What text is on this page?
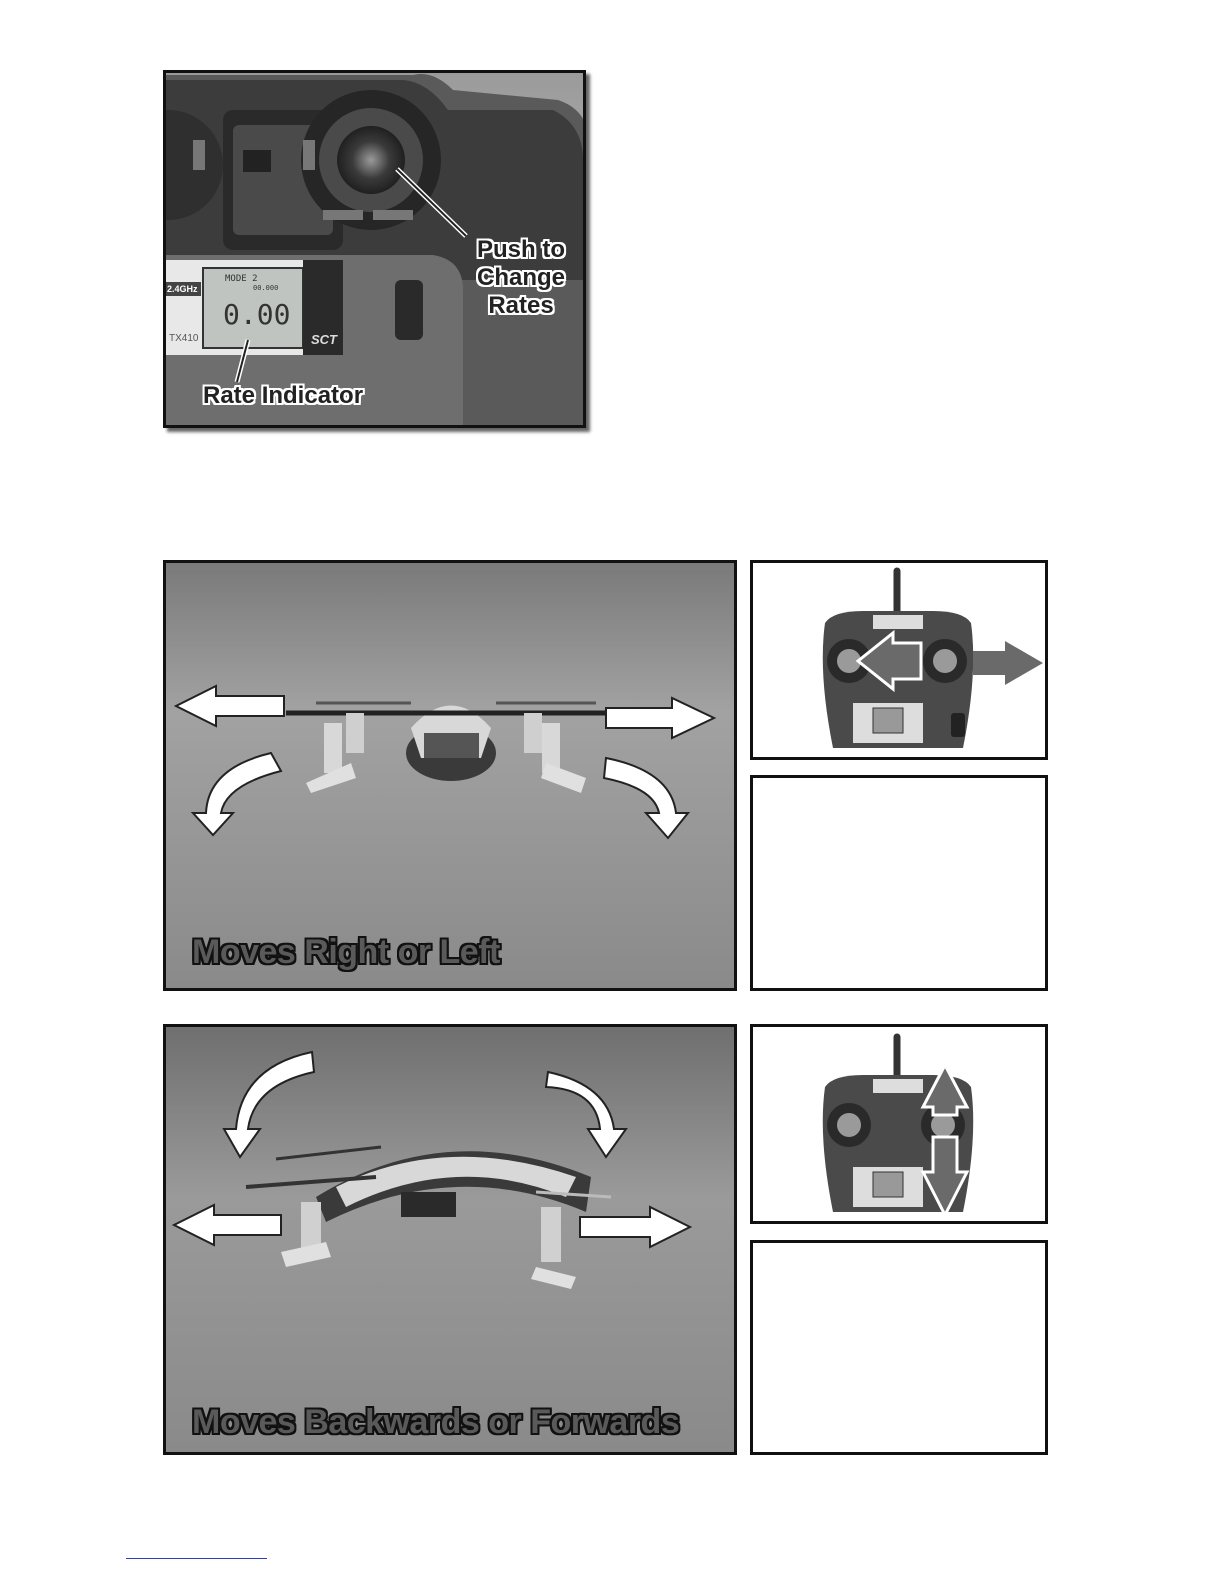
MODE 2
00.000
0.00
2.4GHz
TX410	SCT
Push to
Change
Rates
Rate Indicator
Moves Right or Left
Moves Backwards or Forwards
